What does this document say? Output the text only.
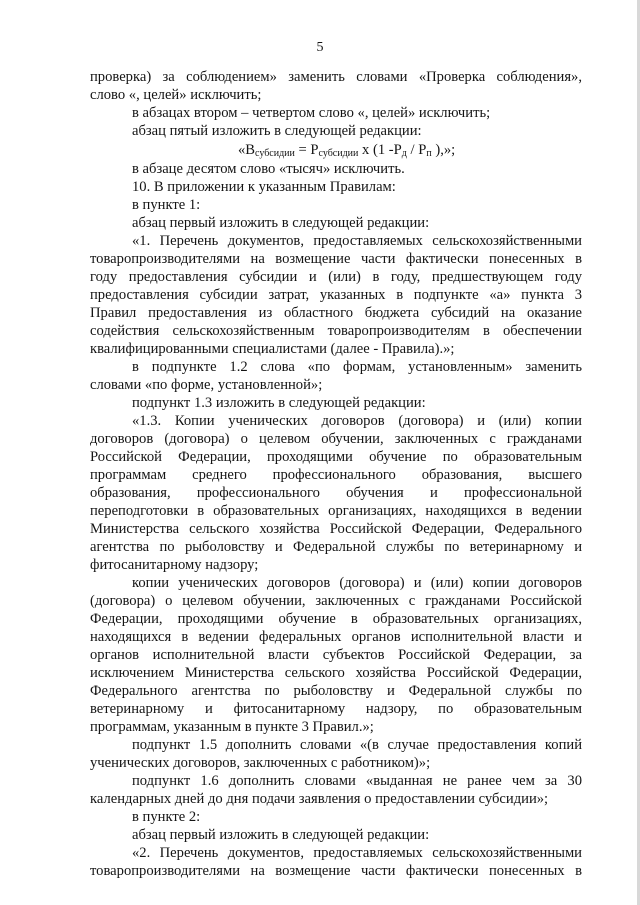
5
проверка) за соблюдением» заменить словами «Проверка соблюдения»,
слово «, целей» исключить;
в абзацах втором – четвертом слово «, целей» исключить;
абзац пятый изложить в следующей редакции:
«$В_{субсидии} = Р_{субсидии}$ х (1 $-Р_д / Р_п$ ),»;
в абзаце десятом слово «тысяч» исключить.
10. В приложении к указанным Правилам:
в пункте 1:
абзац первый изложить в следующей редакции:
«1. Перечень документов, предоставляемых сельскохозяйственными
товаропроизводителями на возмещение части фактически понесенных в
году предоставления субсидии и (или) в году, предшествующем году
предоставления субсидии затрат, указанных в подпункте «а» пункта 3
Правил предоставления из областного бюджета субсидий на оказание
содействия сельскохозяйственным товаропроизводителям в обеспечении
квалифицированными специалистами (далее - Правила).»;
в подпункте 1.2 слова «по формам, установленным» заменить
словами «по форме, установленной»;
подпункт 1.3 изложить в следующей редакции:
«1.3. Копии ученических договоров (договора) и (или) копии
договоров (договора) о целевом обучении, заключенных с гражданами
Российской Федерации, проходящими обучение по образовательным
программам среднего профессионального образования, высшего
образования, профессионального обучения и профессиональной
переподготовки в образовательных организациях, находящихся в ведении
Министерства сельского хозяйства Российской Федерации, Федерального
агентства по рыболовству и Федеральной службы по ветеринарному и
фитосанитарному надзору;
копии ученических договоров (договора) и (или) копии договоров
(договора) о целевом обучении, заключенных с гражданами Российской
Федерации, проходящими обучение в образовательных организациях,
находящихся в ведении федеральных органов исполнительной власти и
органов исполнительной власти субъектов Российской Федерации, за
исключением Министерства сельского хозяйства Российской Федерации,
Федерального агентства по рыболовству и Федеральной службы по
ветеринарному и фитосанитарному надзору, по образовательным
программам, указанным в пункте 3 Правил.»;
подпункт 1.5 дополнить словами «(в случае предоставления копий
ученических договоров, заключенных с работником)»;
подпункт 1.6 дополнить словами «выданная не ранее чем за 30
календарных дней до дня подачи заявления о предоставлении субсидии»;
в пункте 2:
абзац первый изложить в следующей редакции:
«2. Перечень документов, предоставляемых сельскохозяйственными
товаропроизводителями на возмещение части фактически понесенных в
